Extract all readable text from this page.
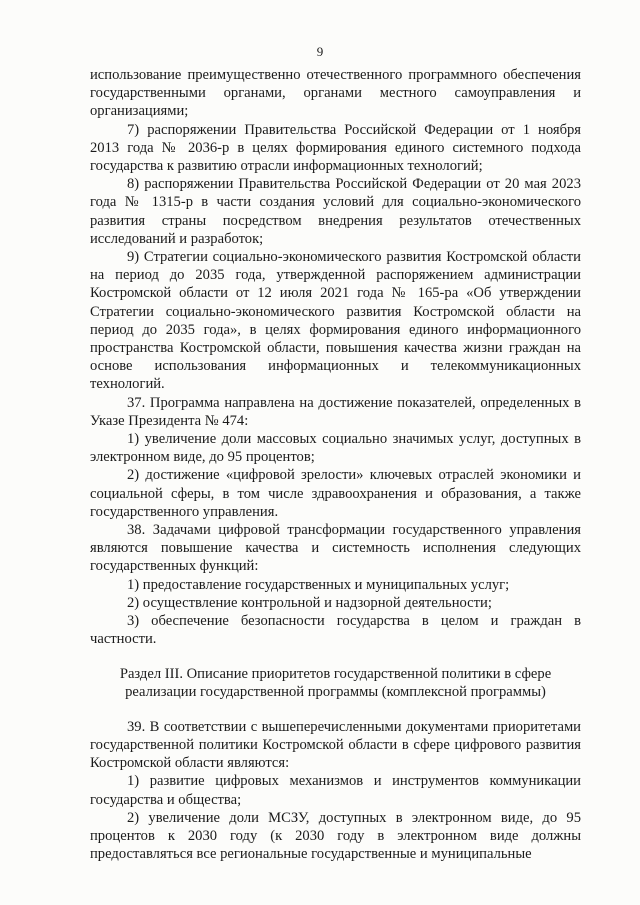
9

использование преимущественно отечественного программного обеспечения государственными органами, органами местного самоуправления и организациями;

7) распоряжении Правительства Российской Федерации от 1 ноября 2013 года № 2036-р в целях формирования единого системного подхода государства к развитию отрасли информационных технологий;

8) распоряжении Правительства Российской Федерации от 20 мая 2023 года № 1315-р в части создания условий для социально-экономического развития страны посредством внедрения результатов отечественных исследований и разработок;

9) Стратегии социально-экономического развития Костромской области на период до 2035 года, утвержденной распоряжением администрации Костромской области от 12 июля 2021 года № 165-ра «Об утверждении Стратегии социально-экономического развития Костромской области на период до 2035 года», в целях формирования единого информационного пространства Костромской области, повышения качества жизни граждан на основе использования информационных и телекоммуникационных технологий.

37. Программа направлена на достижение показателей, определенных в Указе Президента № 474:

1) увеличение доли массовых социально значимых услуг, доступных в электронном виде, до 95 процентов;

2) достижение «цифровой зрелости» ключевых отраслей экономики и социальной сферы, в том числе здравоохранения и образования, а также государственного управления.

38. Задачами цифровой трансформации государственного управления являются повышение качества и системность исполнения следующих государственных функций:

1) предоставление государственных и муниципальных услуг;

2) осуществление контрольной и надзорной деятельности;

3) обеспечение безопасности государства в целом и граждан в частности.

Раздел III. Описание приоритетов государственной политики в сфере
реализации государственной программы (комплексной программы)

39. В соответствии с вышеперечисленными документами приоритетами государственной политики Костромской области в сфере цифрового развития Костромской области являются:

1) развитие цифровых механизмов и инструментов коммуникации государства и общества;

2) увеличение доли МСЗУ, доступных в электронном виде, до 95 процентов к 2030 году (к 2030 году в электронном виде должны предоставляться все региональные государственные и муниципальные
